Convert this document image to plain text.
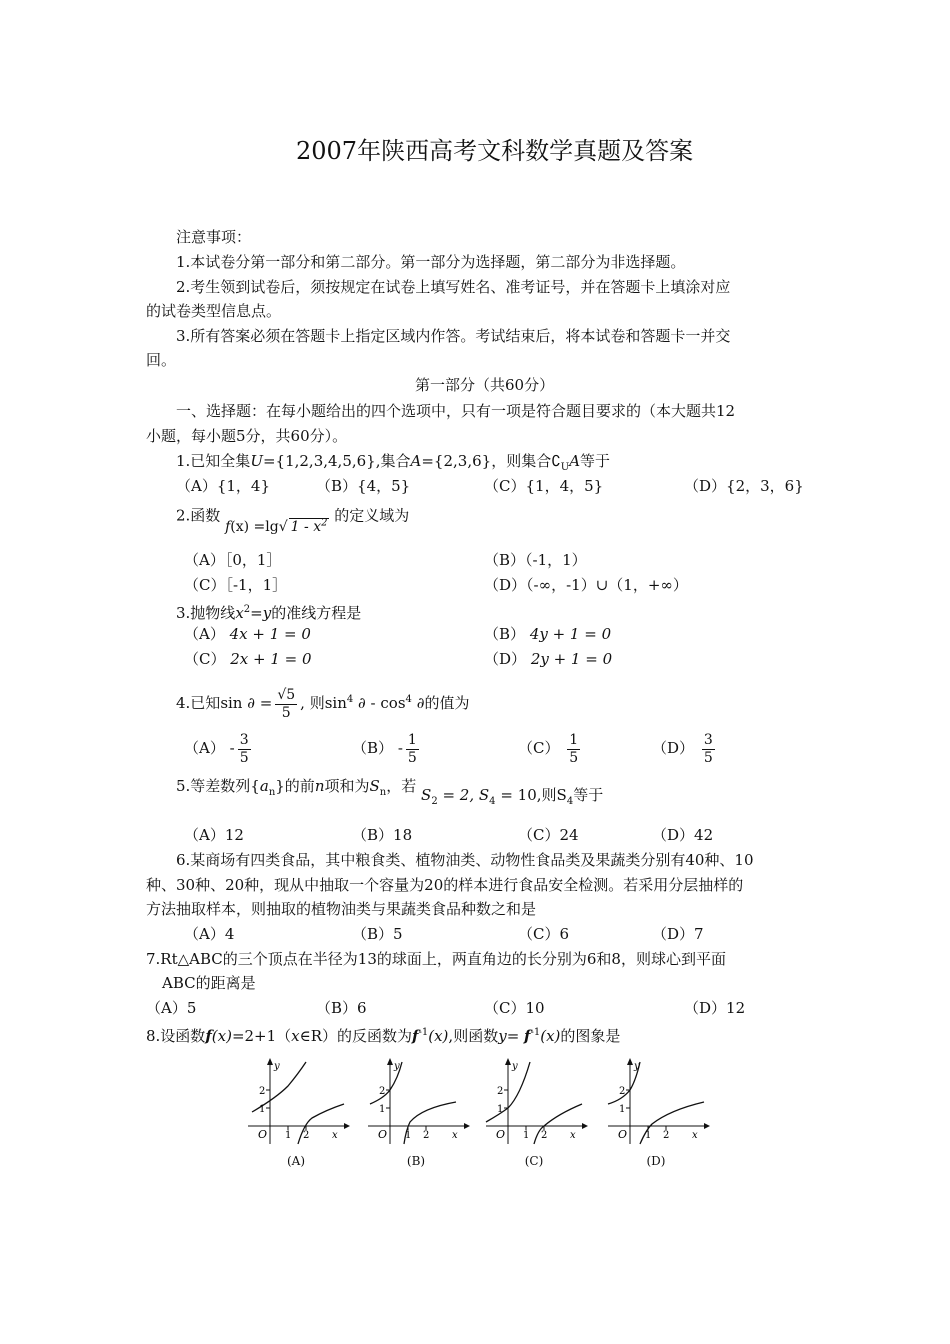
2007年陕西高考文科数学真题及答案
注意事项：
1.本试卷分第一部分和第二部分。第一部分为选择题，第二部分为非选择题。
2.考生领到试卷后，须按规定在试卷上填写姓名、准考证号，并在答题卡上填涂对应
的试卷类型信息点。
3.所有答案必须在答题卡上指定区域内作答。考试结束后，将本试卷和答题卡一并交
回。
第一部分（共60分）
一、选择题：在每小题给出的四个选项中，只有一项是符合题目要求的（本大题共12
小题，每小题5分，共60分）。
1.已知全集U={1,2,3,4,5,6},集合A={2,3,6}，则集合$∁_UA$等于
（A）{1，4}	（B）{4，5}	（C）{1，4，5}	（D）{2，3，6}
2.函数 f(x) =lg√ $1 - x^2$ 的定义域为
（A）［0，1］	（B）（-1，1）
（C）［-1，1］	（D）（-∞，-1）∪（1，+∞）
3.抛物线$x^2=y$的准线方程是
（A） 4x + 1 = 0	（B） 4y + 1 = 0
（C） 2x + 1 = 0	（D） 2y + 1 = 0
4.已知sin ∂ = $\frac{√5}{5}$ , 则$\sin^4$ ∂ - $\cos^4$ ∂的值为
$(A) - \frac{3}{5}$	$(B) - \frac{1}{5}$	$(C) \frac{1}{5}$	$(D) \frac{3}{5}$
5.等差数列$\{a_n\}$的前n项和为$S_n$，若 $S_2 = 2$, $S_4 = 10$,则$S_4$等于
（A）12	（B）18	（C）24	（D）42
6.某商场有四类食品，其中粮食类、植物油类、动物性食品类及果蔬类分别有40种、10
种、30种、20种，现从中抽取一个容量为20的样本进行食品安全检测。若采用分层抽样的
方法抽取样本，则抽取的植物油类与果蔬类食品种数之和是
（A）4	（B）5	（C）6	（D）7
7.Rt△ABC的三个顶点在半径为13的球面上，两直角边的长分别为6和8，则球心到平面
ABC的距离是
（A）5	（B）6	（C）10	（D）12
8.设函数f(x)=2+1（x∈R）的反函数为$f^{-1}(x)$,则函数$y= f^{-1}(x)$的图象是
y
x
O
2
1
1 2
(A)
y
x
O
2
1
1 2
(B)
y
x
O
2
1
1 2
(C)
y
x
O
2
1
1 2
(D)
